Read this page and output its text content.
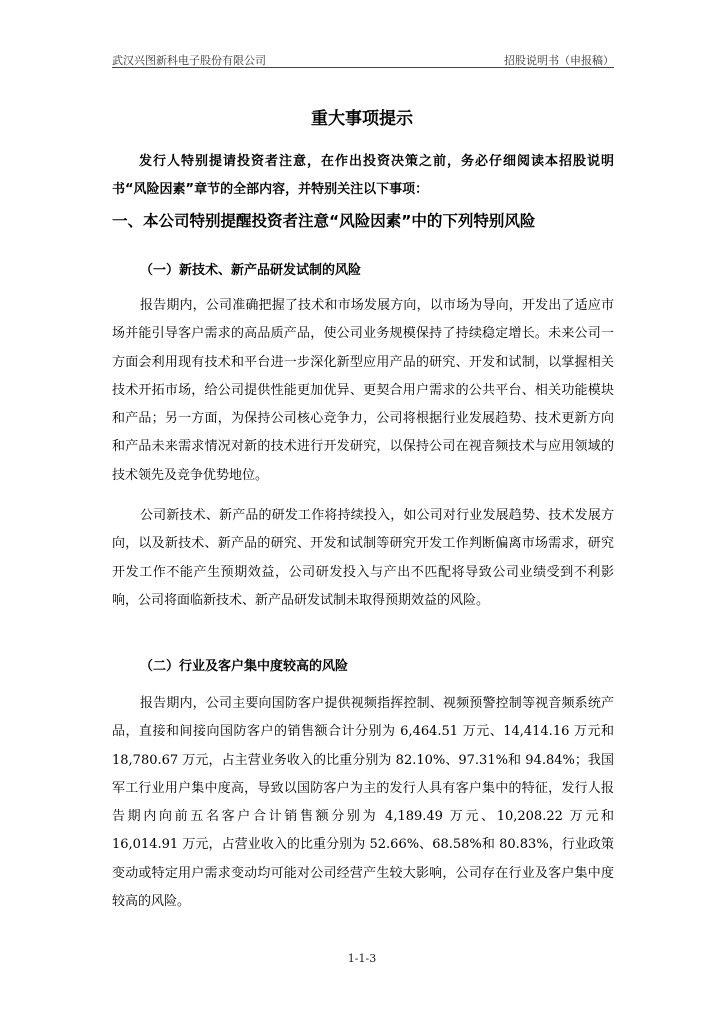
武汉兴图新科电子股份有限公司	招股说明书（申报稿）
重大事项提示

发行人特别提请投资者注意，在作出投资决策之前，务必仔细阅读本招股说明书“风险因素”章节的全部内容，并特别关注以下事项：

一、本公司特别提醒投资者注意“风险因素”中的下列特别风险

（一）新技术、新产品研发试制的风险

报告期内，公司准确把握了技术和市场发展方向，以市场为导向，开发出了适应市场并能引导客户需求的高品质产品，使公司业务规模保持了持续稳定增长。未来公司一方面会利用现有技术和平台进一步深化新型应用产品的研究、开发和试制，以掌握相关技术开拓市场，给公司提供性能更加优异、更契合用户需求的公共平台、相关功能模块和产品；另一方面，为保持公司核心竞争力，公司将根据行业发展趋势、技术更新方向和产品未来需求情况对新的技术进行开发研究，以保持公司在视音频技术与应用领域的技术领先及竞争优势地位。

公司新技术、新产品的研发工作将持续投入，如公司对行业发展趋势、技术发展方向，以及新技术、新产品的研究、开发和试制等研究开发工作判断偏离市场需求，研究开发工作不能产生预期效益，公司研发投入与产出不匹配将导致公司业绩受到不利影响，公司将面临新技术、新产品研发试制未取得预期效益的风险。

（二）行业及客户集中度较高的风险

报告期内，公司主要向国防客户提供视频指挥控制、视频预警控制等视音频系统产品，直接和间接向国防客户的销售额合计分别为 6,464.51 万元、14,414.16 万元和 18,780.67 万元，占主营业务收入的比重分别为 82.10%、97.31%和 94.84%；我国军工行业用户集中度高，导致以国防客户为主的发行人具有客户集中的特征，发行人报告期内向前五名客户合计销售额分别为 4,189.49 万元、10,208.22 万元和 16,014.91 万元，占营业收入的比重分别为 52.66%、68.58%和 80.83%，行业政策变动或特定用户需求变动均可能对公司经营产生较大影响，公司存在行业及客户集中度较高的风险。

1-1-3
